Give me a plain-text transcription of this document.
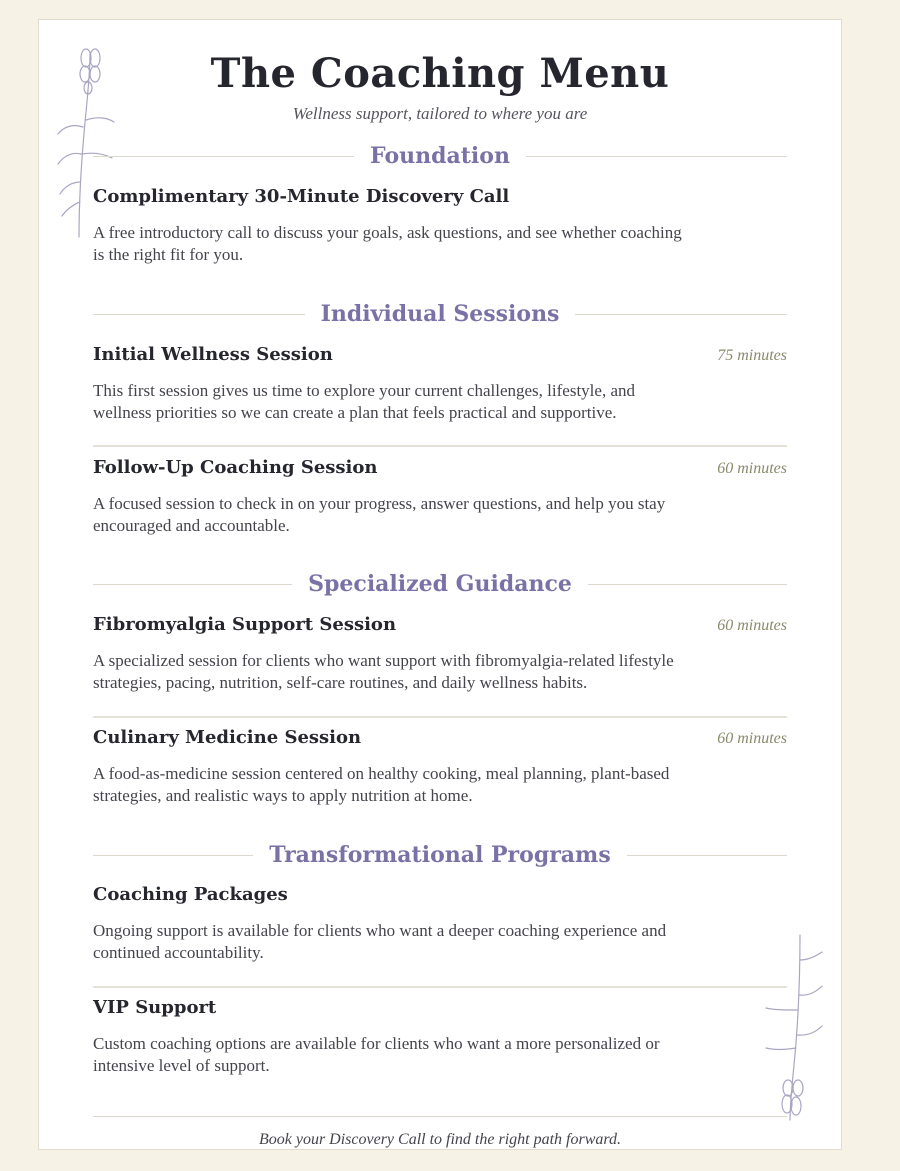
The Coaching Menu
Wellness support, tailored to where you are
Foundation
Complimentary 30-Minute Discovery Call
A free introductory call to discuss your goals, ask questions, and see whether coaching is the right fit for you.
Individual Sessions
Initial Wellness Session	75 minutes
This first session gives us time to explore your current challenges, lifestyle, and wellness priorities so we can create a plan that feels practical and supportive.
Follow-Up Coaching Session	60 minutes
A focused session to check in on your progress, answer questions, and help you stay encouraged and accountable.
Specialized Guidance
Fibromyalgia Support Session	60 minutes
A specialized session for clients who want support with fibromyalgia-related lifestyle strategies, pacing, nutrition, self-care routines, and daily wellness habits.
Culinary Medicine Session	60 minutes
A food-as-medicine session centered on healthy cooking, meal planning, plant-based strategies, and realistic ways to apply nutrition at home.
Transformational Programs
Coaching Packages
Ongoing support is available for clients who want a deeper coaching experience and continued accountability.
VIP Support
Custom coaching options are available for clients who want a more personalized or intensive level of support.
Book your Discovery Call to find the right path forward.
